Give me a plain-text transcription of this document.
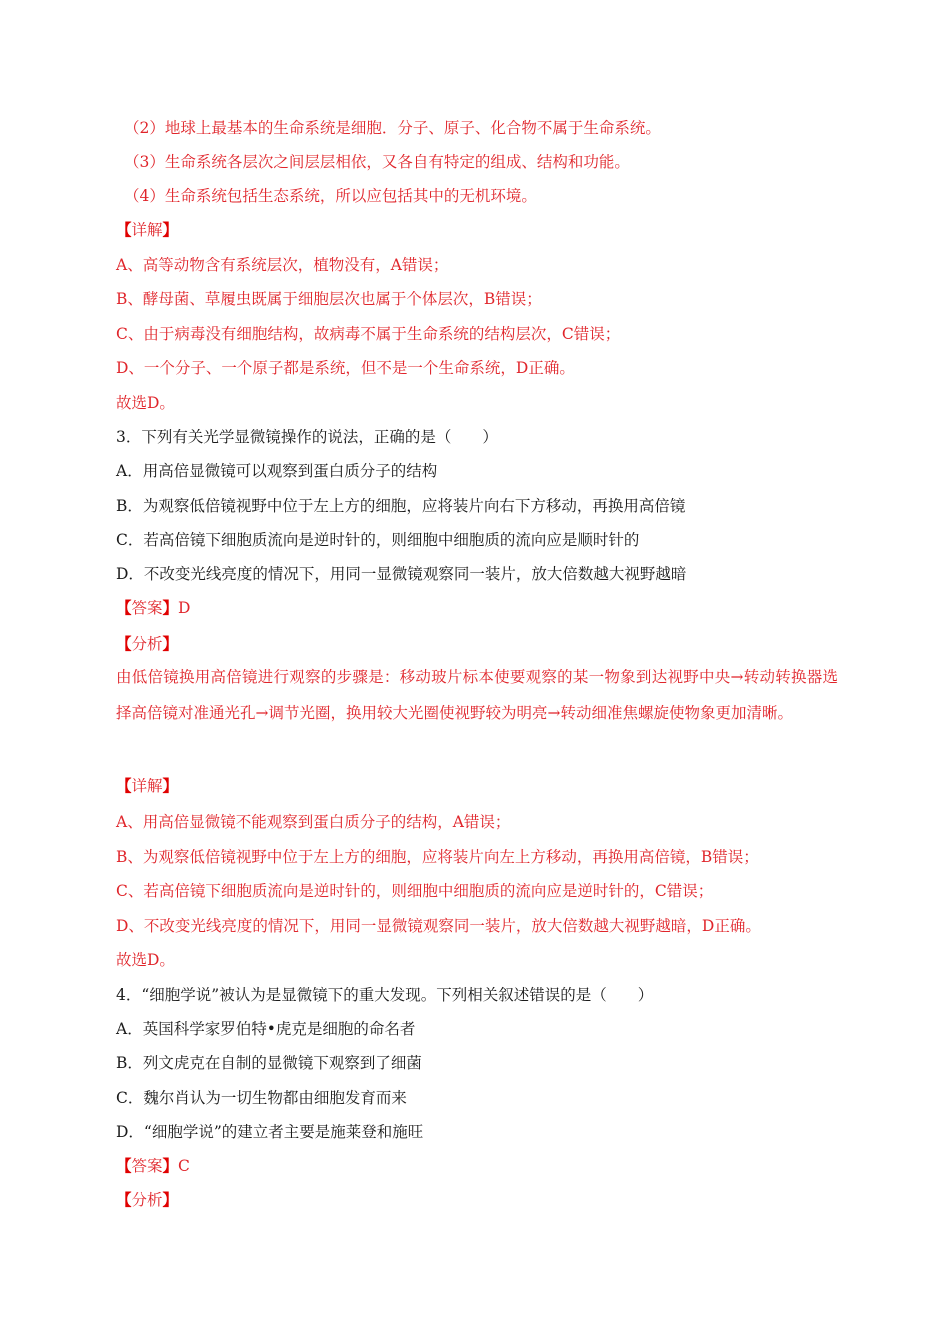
（2）地球上最基本的生命系统是细胞．分子、原子、化合物不属于生命系统。
（3）生命系统各层次之间层层相依，又各自有特定的组成、结构和功能。
（4）生命系统包括生态系统，所以应包括其中的无机环境。
【详解】
A、高等动物含有系统层次，植物没有，A错误；
B、酵母菌、草履虫既属于细胞层次也属于个体层次，B错误；
C、由于病毒没有细胞结构，故病毒不属于生命系统的结构层次，C错误；
D、一个分子、一个原子都是系统，但不是一个生命系统，D正确。
故选D。
3．下列有关光学显微镜操作的说法，正确的是（　　）
A．用高倍显微镜可以观察到蛋白质分子的结构
B．为观察低倍镜视野中位于左上方的细胞，应将装片向右下方移动，再换用高倍镜
C．若高倍镜下细胞质流向是逆时针的，则细胞中细胞质的流向应是顺时针的
D．不改变光线亮度的情况下，用同一显微镜观察同一装片，放大倍数越大视野越暗
【答案】D
【分析】
由低倍镜换用高倍镜进行观察的步骤是：移动玻片标本使要观察的某一物象到达视野中央→转动转换器选择高倍镜对准通光孔→调节光圈，换用较大光圈使视野较为明亮→转动细准焦螺旋使物象更加清晰。
【详解】
A、用高倍显微镜不能观察到蛋白质分子的结构，A错误；
B、为观察低倍镜视野中位于左上方的细胞，应将装片向左上方移动，再换用高倍镜，B错误；
C、若高倍镜下细胞质流向是逆时针的，则细胞中细胞质的流向应是逆时针的，C错误；
D、不改变光线亮度的情况下，用同一显微镜观察同一装片，放大倍数越大视野越暗，D正确。
故选D。
4．“细胞学说”被认为是显微镜下的重大发现。下列相关叙述错误的是（　　）
A．英国科学家罗伯特•虎克是细胞的命名者
B．列文虎克在自制的显微镜下观察到了细菌
C．魏尔肖认为一切生物都由细胞发育而来
D．“细胞学说”的建立者主要是施莱登和施旺
【答案】C
【分析】
